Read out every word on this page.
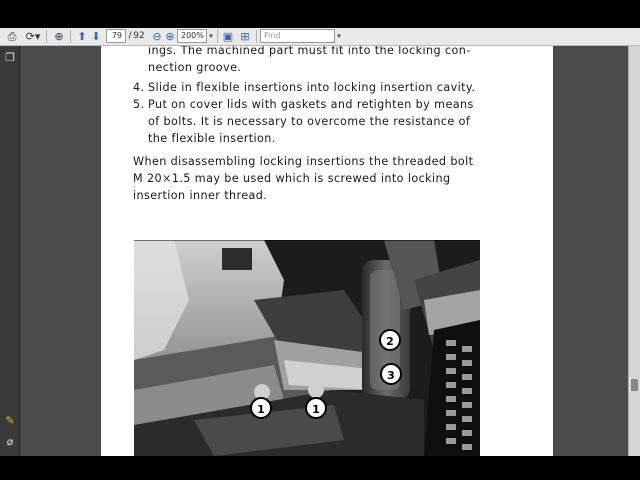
⎙ ⟳▾ ⊕ ⬆ ⬇	79 / 92 ⊖ ⊕ 200% ▾ ▣ ⊞	Find	▾
❐
✎
⌀
ings. The machined part must fit into the locking con-
nection groove.
4. Slide in flexible insertions into locking insertion cavity.
5. Put on cover lids with gaskets and retighten by means
of bolts. It is necessary to overcome the resistance of
the flexible insertion.
When disassembling locking insertions the threaded bolt
M 20×1.5 may be used which is screwed into locking
insertion inner thread.
1	1
2
3
